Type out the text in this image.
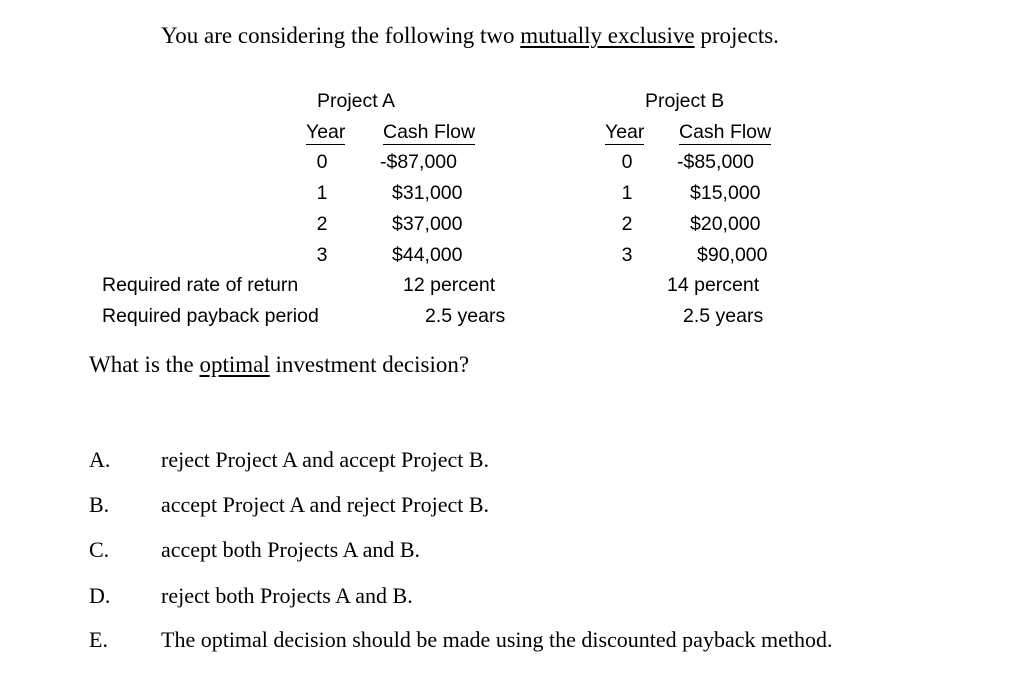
You are considering the following two mutually exclusive projects.
Project A
Year Cash Flow
0
1
2
3
-$87,000
$31,000
$37,000
$44,000
12 percent
2.5 years
Project B
Year Cash Flow
0
1
2
3
-$85,000
$15,000
$20,000
$90,000
14 percent
2.5 years
Required rate of return
Required payback period
What is the optimal investment decision?
A. reject Project A and accept Project B.
B. accept Project A and reject Project B.
C. accept both Projects A and B.
D. reject both Projects A and B.
E. The optimal decision should be made using the discounted payback method.
